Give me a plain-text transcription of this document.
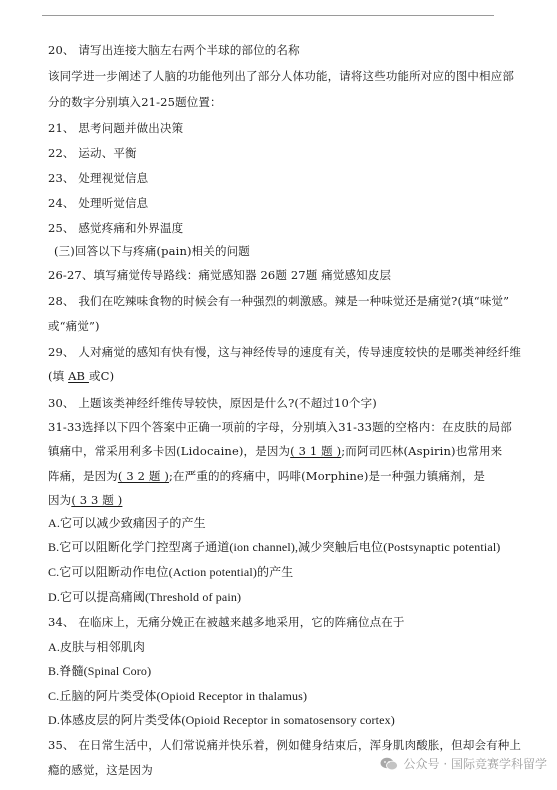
20、 请写出连接大脑左右两个半球的部位的名称
该同学进一步阐述了人脑的功能他列出了部分人体功能，请将这些功能所对应的图中相应部
分的数字分别填入21-25题位置：
21、 思考问题并做出决策
22、 运动、平衡
23、 处理视觉信息
24、 处理听觉信息
25、 感觉疼痛和外界温度
(三)回答以下与疼痛(pain)相关的问题
26-27、填写痛觉传导路线：痛觉感知器 26题 27题 痛觉感知皮层
28、 我们在吃辣味食物的时候会有一种强烈的刺激感。辣是一种味觉还是痛觉?(填“味觉”
或“痛觉”)
29、 人对痛觉的感知有快有慢，这与神经传导的速度有关，传导速度较快的是哪类神经纤维
(填 AB 或C)
30、 上题该类神经纤维传导较快，原因是什么?(不超过10个字)
31-33选择以下四个答案中正确一项前的字母，分别填入31-33题的空格内：在皮肤的局部
镇痛中，常采用利多卡因(Lidocaine)，是因为( 3 1 题 );而阿司匹林(Aspirin)也常用来
阵痛，是因为( 3 2 题 );在严重的的疼痛中，吗啡(Morphine)是一种强力镇痛剂，是
因为( 3 3 题 )
A.它可以减少致痛因子的产生
B.它可以阻断化学门控型离子通道(ion channel),减少突触后电位(Postsynaptic potential)
C.它可以阻断动作电位(Action potential)的产生
D.它可以提高痛阈(Threshold of pain)
34、 在临床上，无痛分娩正在被越来越多地采用，它的阵痛位点在于
A.皮肤与相邻肌肉
B.脊髓(Spinal Coro)
C.丘脑的阿片类受体(Opioid Receptor in thalamus)
D.体感皮层的阿片类受体(Opioid Receptor in somatosensory cortex)
35、 在日常生活中，人们常说痛并快乐着，例如健身结束后，浑身肌肉酸胀，但却会有种上
瘾的感觉，这是因为	公众号 · 国际竞赛学科留学
